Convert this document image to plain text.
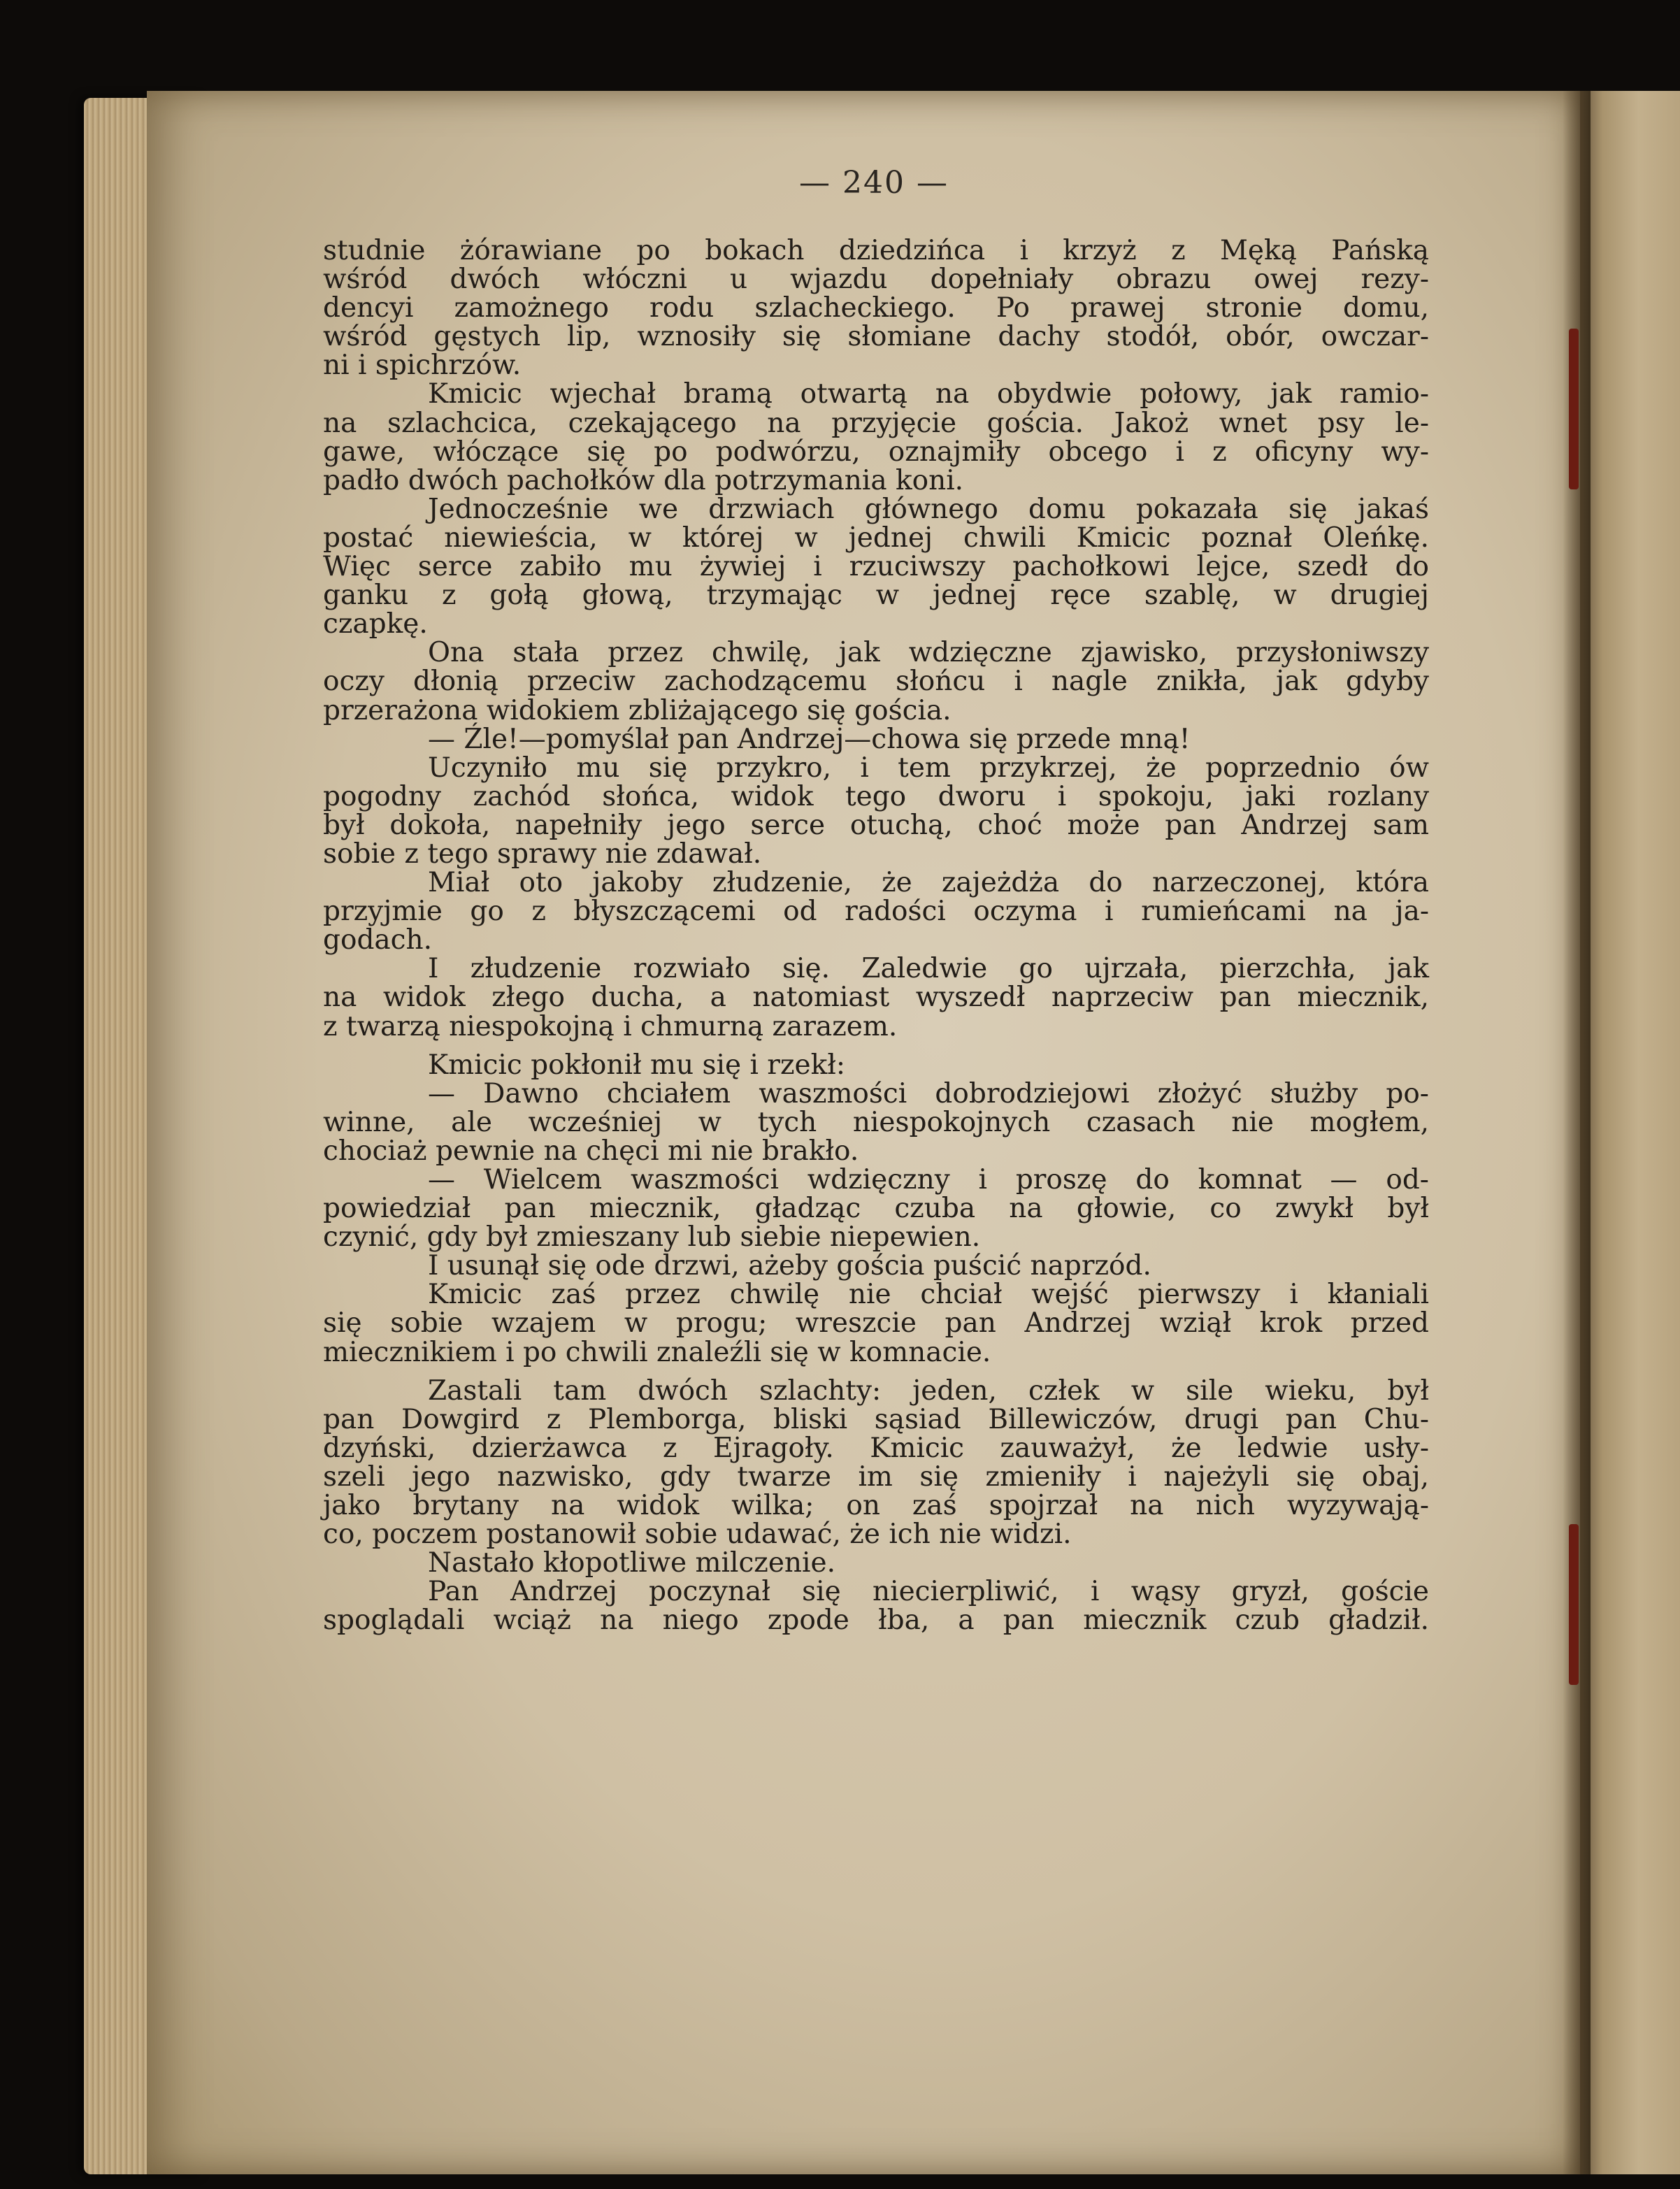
— 240 —
studnie żórawiane po bokach dziedzińca i krzyż z Męką Pańską
wśród dwóch włóczni u wjazdu dopełniały obrazu owej rezy-
dencyi zamożnego rodu szlacheckiego. Po prawej stronie domu,
wśród gęstych lip, wznosiły się słomiane dachy stodół, obór, owczar-
ni i spichrzów.
Kmicic wjechał bramą otwartą na obydwie połowy, jak ramio-
na szlachcica, czekającego na przyjęcie gościa. Jakoż wnet psy le-
gawe, włóczące się po podwórzu, oznajmiły obcego i z oficyny wy-
padło dwóch pachołków dla potrzymania koni.
Jednocześnie we drzwiach głównego domu pokazała się jakaś
postać niewieścia, w której w jednej chwili Kmicic poznał Oleńkę.
Więc serce zabiło mu żywiej i rzuciwszy pachołkowi lejce, szedł do
ganku z gołą głową, trzymając w jednej ręce szablę, w drugiej
czapkę.
Ona stała przez chwilę, jak wdzięczne zjawisko, przysłoniwszy
oczy dłonią przeciw zachodzącemu słońcu i nagle znikła, jak gdyby
przerażona widokiem zbliżającego się gościa.
— Źle!—pomyślał pan Andrzej—chowa się przede mną!
Uczyniło mu się przykro, i tem przykrzej, że poprzednio ów
pogodny zachód słońca, widok tego dworu i spokoju, jaki rozlany
był dokoła, napełniły jego serce otuchą, choć może pan Andrzej sam
sobie z tego sprawy nie zdawał.
Miał oto jakoby złudzenie, że zajeżdża do narzeczonej, która
przyjmie go z błyszczącemi od radości oczyma i rumieńcami na ja-
godach.
I złudzenie rozwiało się. Zaledwie go ujrzała, pierzchła, jak
na widok złego ducha, a natomiast wyszedł naprzeciw pan miecznik,
z twarzą niespokojną i chmurną zarazem.
Kmicic pokłonił mu się i rzekł:
— Dawno chciałem waszmości dobrodziejowi złożyć służby po-
winne, ale wcześniej w tych niespokojnych czasach nie mogłem,
chociaż pewnie na chęci mi nie brakło.
— Wielcem waszmości wdzięczny i proszę do komnat — od-
powiedział pan miecznik, gładząc czuba na głowie, co zwykł był
czynić, gdy był zmieszany lub siebie niepewien.
I usunął się ode drzwi, ażeby gościa puścić naprzód.
Kmicic zaś przez chwilę nie chciał wejść pierwszy i kłaniali
się sobie wzajem w progu; wreszcie pan Andrzej wziął krok przed
miecznikiem i po chwili znaleźli się w komnacie.
Zastali tam dwóch szlachty: jeden, człek w sile wieku, był
pan Dowgird z Plemborga, bliski sąsiad Billewiczów, drugi pan Chu-
dzyński, dzierżawca z Ejragoły. Kmicic zauważył, że ledwie usły-
szeli jego nazwisko, gdy twarze im się zmieniły i najeżyli się obaj,
jako brytany na widok wilka; on zaś spojrzał na nich wyzywają-
co, poczem postanowił sobie udawać, że ich nie widzi.
Nastało kłopotliwe milczenie.
Pan Andrzej poczynał się niecierpliwić, i wąsy gryzł, goście
spoglądali wciąż na niego zpode łba, a pan miecznik czub gładził.
